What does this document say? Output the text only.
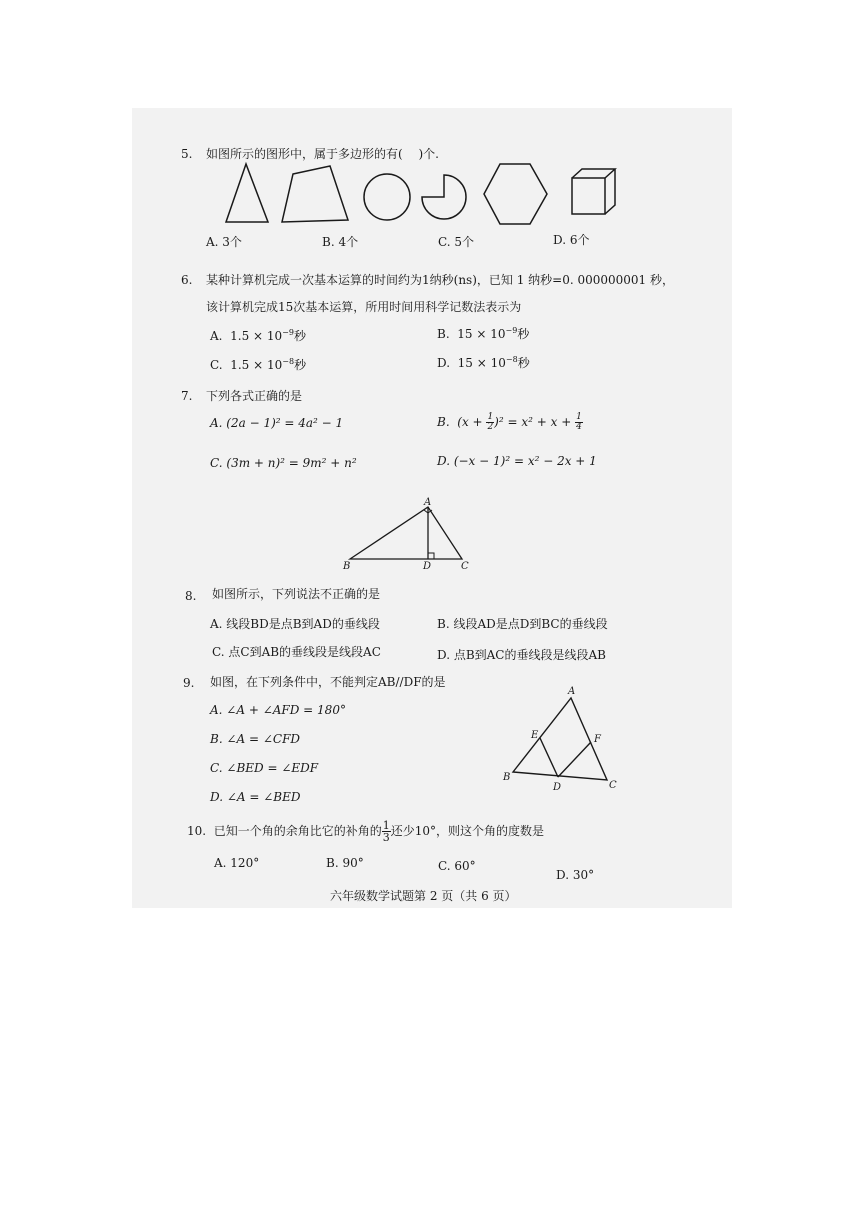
5. 如图所示的图形中，属于多边形的有(　 )个.
A. 3个	B. 4个	C. 5个	D. 6个
6. 某种计算机完成一次基本运算的时间约为1纳秒(ns)，已知 1 纳秒=0. 000000001 秒，
该计算机完成15次基本运算，所用时间用科学记数法表示为
A. $1.5 \times 10^{-9}$秒	B. $15 \times 10^{-9}$秒
C. $1.5 \times 10^{-8}$秒	D. $15 \times 10^{-8}$秒
7. 下列各式正确的是
A. (2a − 1)² = 4a² − 1	B. $(x + \frac{1}{2} )^2 = x^2 + x + \frac{1}{4}$
C. (3m + n)² = 9m² + n²	D. (−x − 1)² = x² − 2x + 1
A
B	D	C
8. 如图所示，下列说法不正确的是
A. 线段BD是点B到AD的垂线段	B. 线段AD是点D到BC的垂线段
C. 点C到AB的垂线段是线段AC	D. 点B到AC的垂线段是线段AB
9. 如图，在下列条件中，不能判定AB//DF的是
A. ∠A + ∠AFD = 180°
B. ∠A = ∠CFD
C. ∠BED = ∠EDF
D. ∠A = ∠BED
A
E	F
B
D	C
10. 已知一个角的余角比它的补角的 $\frac{1}{3}$ 还少10°，则这个角的度数是
A. 120°	B. 90°	C. 60°
D. 30°
六年级数学试题第 2 页（共 6 页）
